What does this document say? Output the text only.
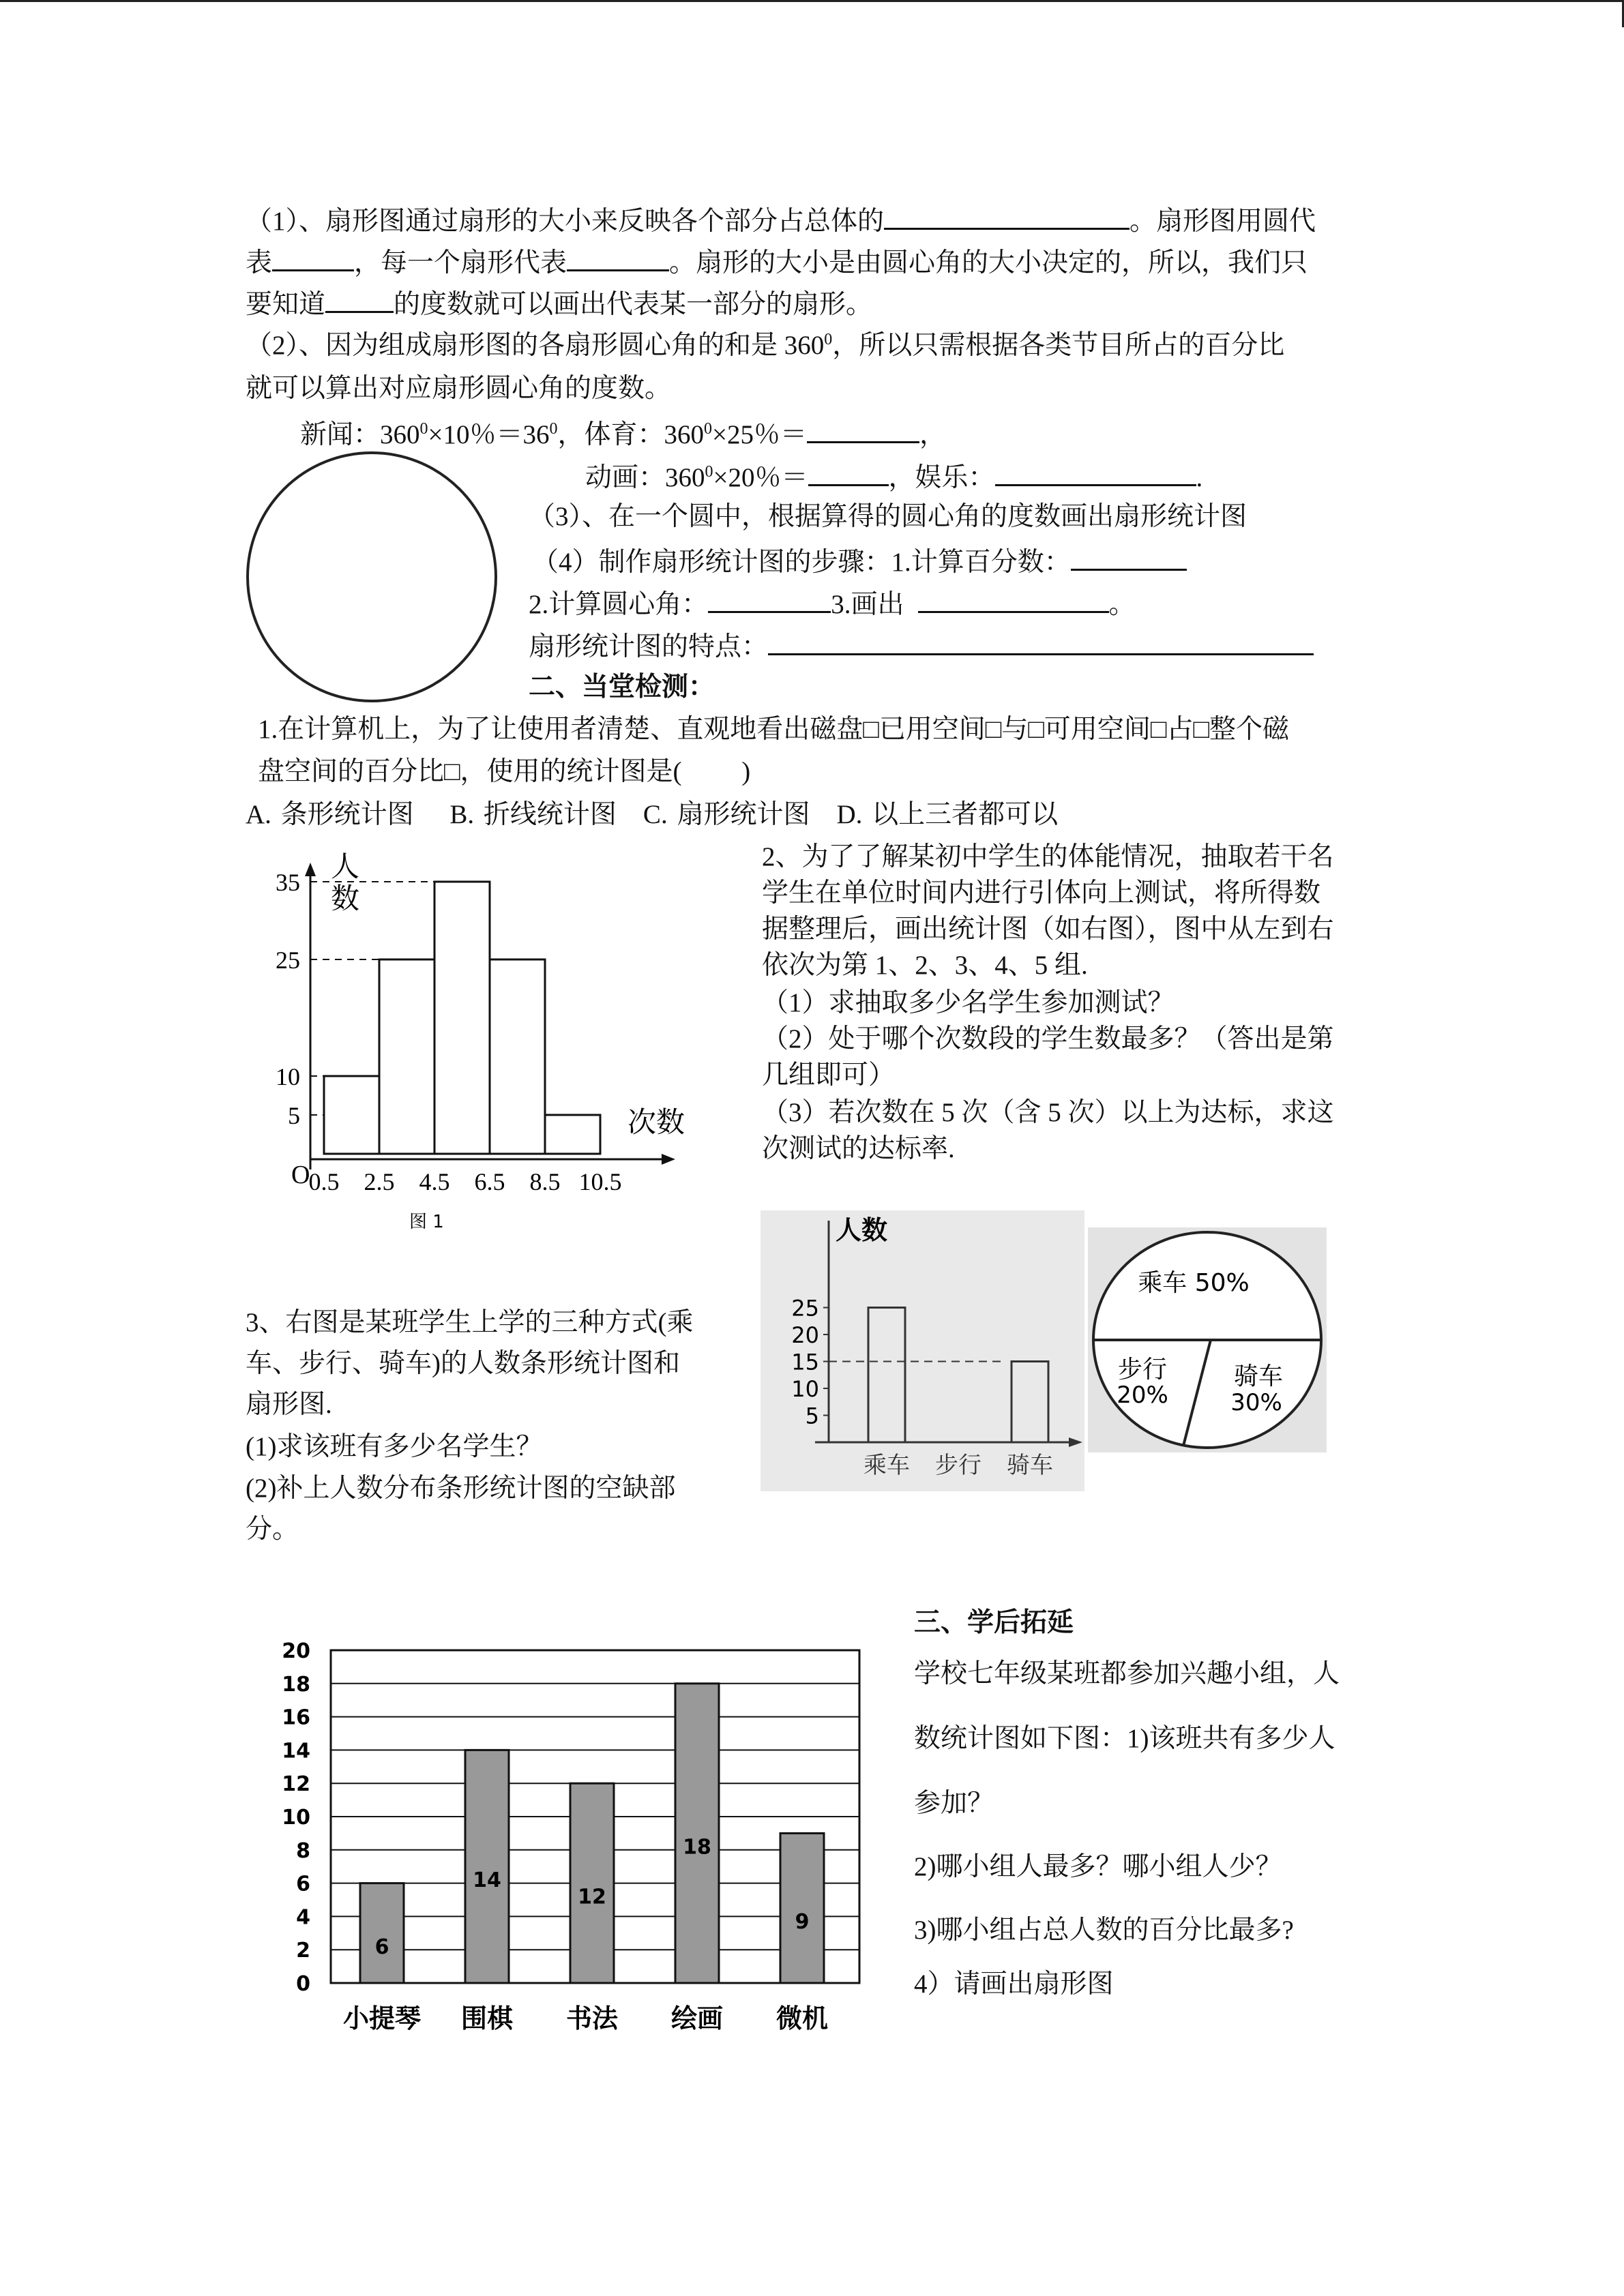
（1）、扇形图通过扇形的大小来反映各个部分占总体的	。扇形图用圆代
表	，每一个扇形代表	。扇形的大小是由圆心角的大小决定的，所以，我们只
要知道	的度数就可以画出代表某一部分的扇形。
（2）、因为组成扇形图的各扇形圆心角的和是 $360^0$，所以只需根据各类节目所占的百分比
就可以算出对应扇形圆心角的度数。
新闻：$360^0\times 10$％$=36^0$，体育：$360^0\times 25$％＝	，
动画：$360^0\times 20$％＝	，娱乐：	.
（3）、在一个圆中，根据算得的圆心角的度数画出扇形统计图
（4）制作扇形统计图的步骤：1.计算百分数：
2.计算圆心角：	3.画出	。
扇形统计图的特点：
二、当堂检测：
1.在计算机上，为了让使用者清楚、直观地看出磁盘□已用空间□与□可用空间□占□整个磁
盘空间的百分比□，使用的统计图是(　　 )
A. 条形统计图　 B. 折线统计图　C. 扇形统计图　D. 以上三者都可以
2、为了了解某初中学生的体能情况，抽取若干名
学生在单位时间内进行引体向上测试，将所得数
据整理后，画出统计图（如右图），图中从左到右
依次为第 1、2、3、4、5 组.
（1）求抽取多少名学生参加测试？
（2）处于哪个次数段的学生数最多？（答出是第
几组即可）
（3）若次数在 5 次（含 5 次）以上为达标，求这
次测试的达标率.
5
10
25
35
0.5 2.5 4.5 6.5 8.5 10.5
O
人
数
次数
图 1
3、右图是某班学生上学的三种方式(乘
车、步行、骑车)的人数条形统计图和
扇形图.
(1)求该班有多少名学生？
(2)补上人数分布条形统计图的空缺部
分。
人数
5
10
15
20
25
乘车 步行 骑车
乘车 50%
步行
20%
骑车
30%
三、学后拓延
学校七年级某班都参加兴趣小组，人
数统计图如下图：1)该班共有多少人
参加？
2)哪小组人最多？哪小组人少？
3)哪小组占总人数的百分比最多?
4）请画出扇形图
0
2
4
6
8
10
12
14
16
18
20
6
小提琴
14
围棋
12
书法
18
绘画
9
微机
